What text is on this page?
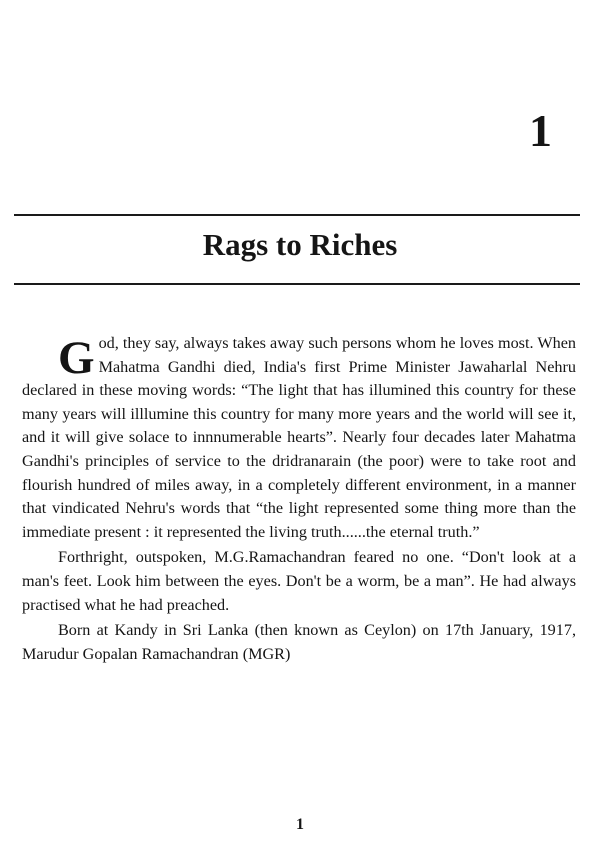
1
Rags to Riches

G od, they say, always takes away such persons whom he loves most. When Mahatma Gandhi died, India's first Prime Minister Jawaharlal Nehru declared in these moving words: “The light that has illumined this country for these many years will illlumine this country for many more years and the world will see it, and it will give solace to innnumerable hearts”. Nearly four decades later Mahatma Gandhi's principles of service to the dridranarain (the poor) were to take root and flourish hundred of miles away, in a completely different environment, in a manner that vindicated Nehru's words that “the light represented some thing more than the immediate present : it represented the living truth......the eternal truth.”

Forthright, outspoken, M.G.Ramachandran feared no one. “Don't look at a man's feet. Look him between the eyes. Don't be a worm, be a man”. He had always practised what he had preached.

Born at Kandy in Sri Lanka (then known as Ceylon) on 17th January, 1917, Marudur Gopalan Ramachandran (MGR)

1
